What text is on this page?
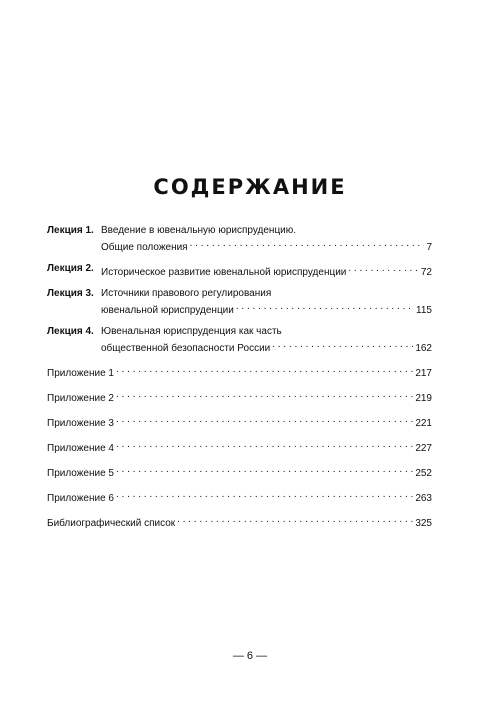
СОДЕРЖАНИЕ
Лекция 1. Введение в ювенальную юриспруденцию.
Общие положения . . .	7
Лекция 2. Историческое развитие ювенальной юриспруденции . . .	72
Лекция 3. Источники правового регулирования
ювенальной юриспруденции . . .	115
Лекция 4. Ювенальная юриспруденция как часть
общественной безопасности России . . .	162
Приложение 1 . . .	217
Приложение 2 . . .	219
Приложение 3 . . .	221
Приложение 4 . . .	227
Приложение 5 . . .	252
Приложение 6 . . .	263
Библиографический список . . .	325

— 6 —
